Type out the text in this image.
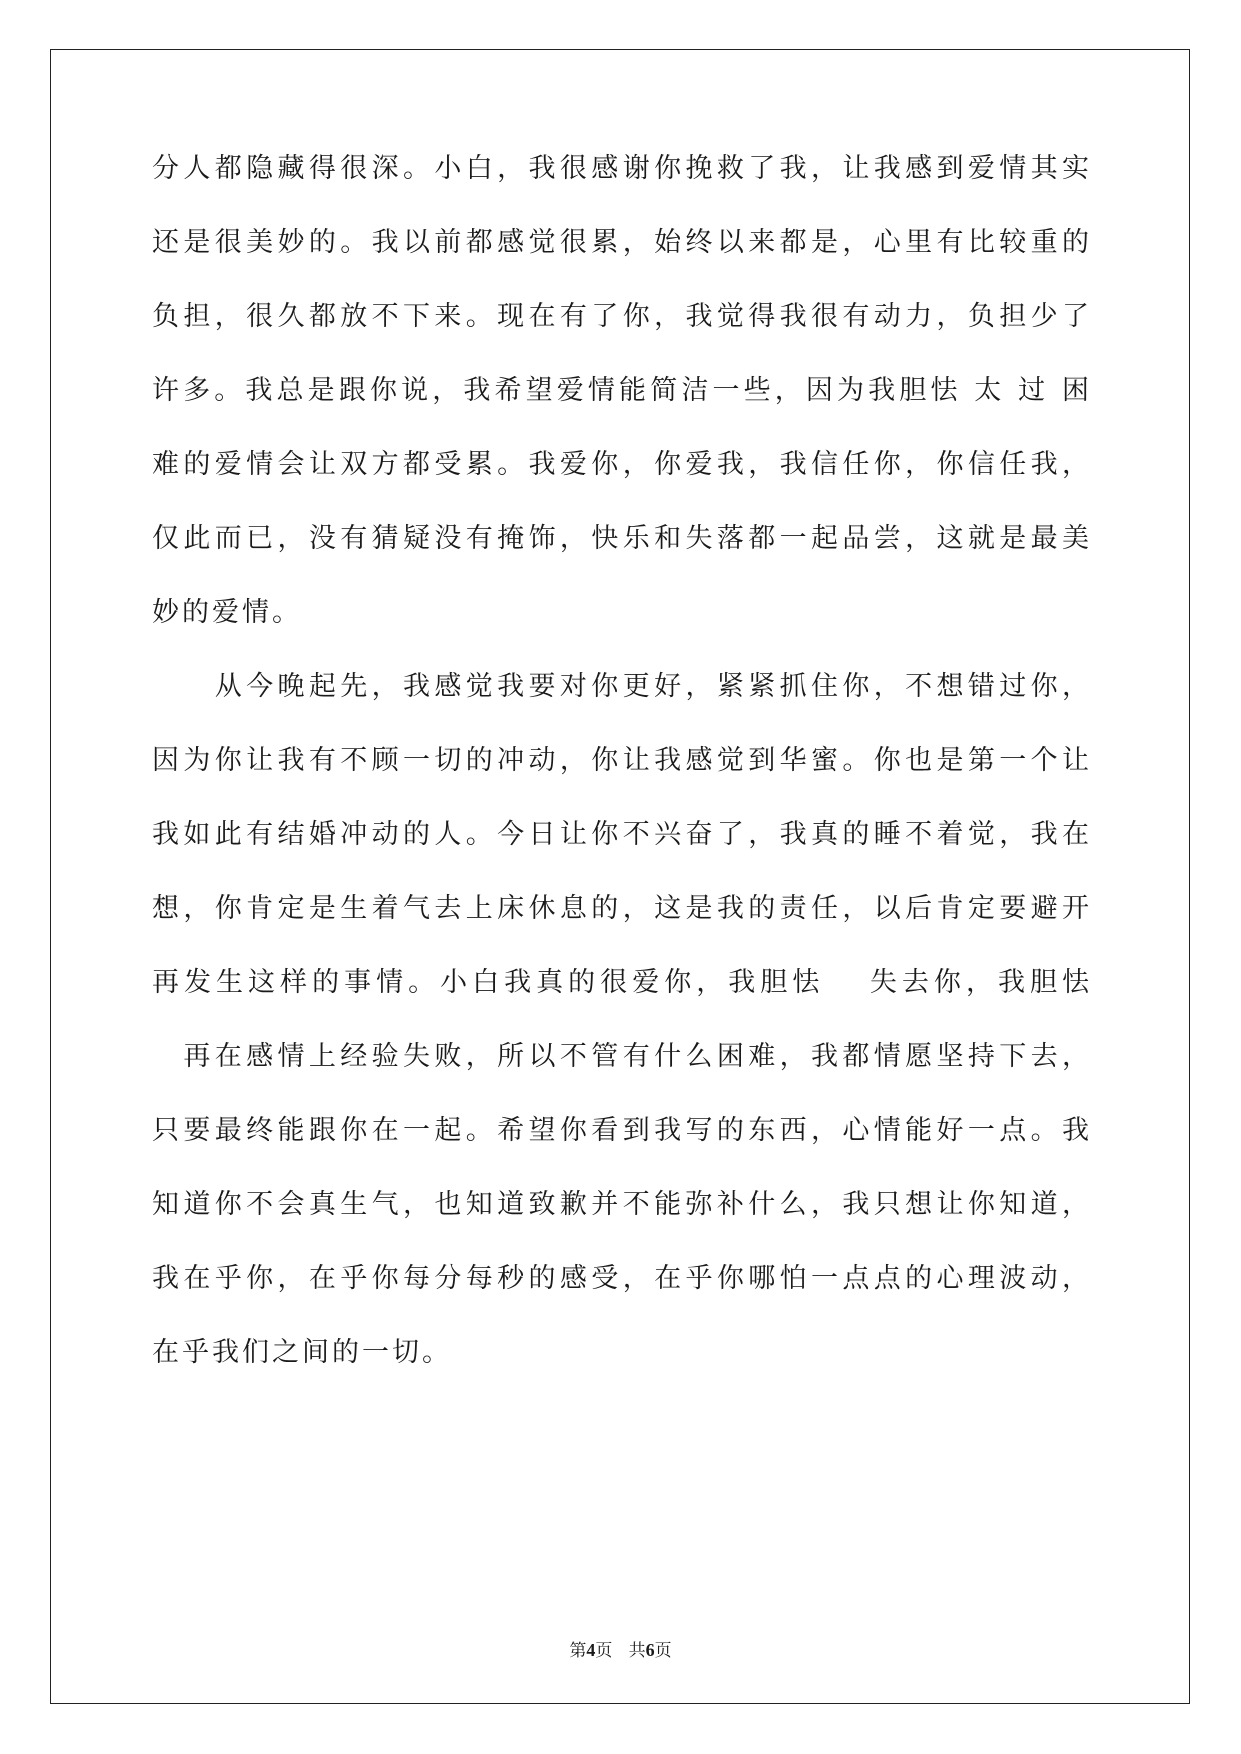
分人都隐藏得很深。小白，我很感谢你挽救了我，让我感到爱情其实
还是很美妙的。我以前都感觉很累，始终以来都是，心里有比较重的
负担，很久都放不下来。现在有了你，我觉得我很有动力，负担少了
许多。我总是跟你说，我希望爱情能简洁一些，因为我胆怯 太 过 困
难的爱情会让双方都受累。我爱你，你爱我，我信任你，你信任我，
仅此而已，没有猜疑没有掩饰，快乐和失落都一起品尝，这就是最美
妙的爱情。
　　从今晚起先，我感觉我要对你更好，紧紧抓住你，不想错过你，
因为你让我有不顾一切的冲动，你让我感觉到华蜜。你也是第一个让
我如此有结婚冲动的人。今日让你不兴奋了，我真的睡不着觉，我在
想，你肯定是生着气去上床休息的，这是我的责任，以后肯定要避开
再发生这样的事情。小白我真的很爱你，我胆怯　 失去你，我胆怯
　再在感情上经验失败，所以不管有什么困难，我都情愿坚持下去，
只要最终能跟你在一起。希望你看到我写的东西，心情能好一点。我
知道你不会真生气，也知道致歉并不能弥补什么，我只想让你知道，
我在乎你，在乎你每分每秒的感受，在乎你哪怕一点点的心理波动，
在乎我们之间的一切。
第4页 共6页
